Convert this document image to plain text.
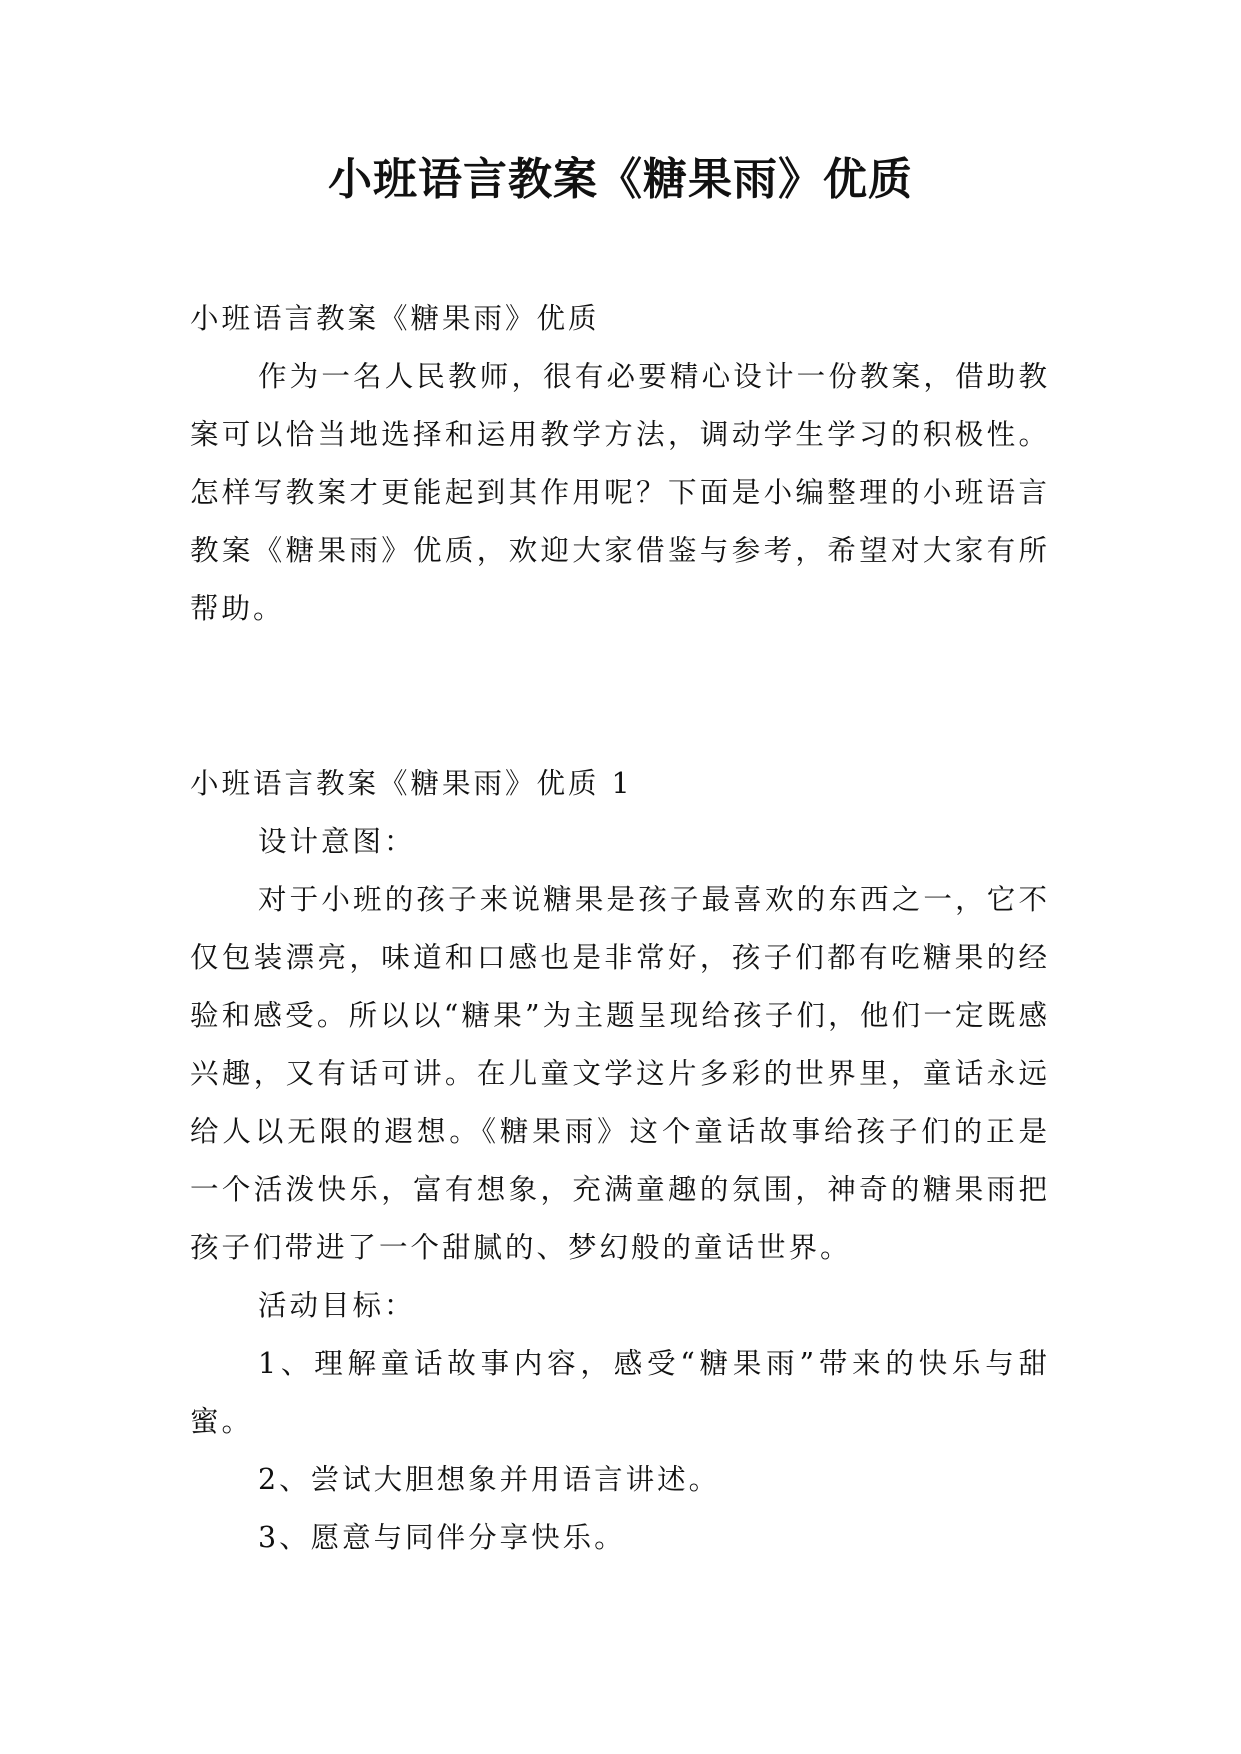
小班语言教案《糖果雨》优质

小班语言教案《糖果雨》优质

作为一名人民教师，很有必要精心设计一份教案，借助教案可以恰当地选择和运用教学方法，调动学生学习的积极性。怎样写教案才更能起到其作用呢？下面是小编整理的小班语言教案《糖果雨》优质，欢迎大家借鉴与参考，希望对大家有所帮助。

小班语言教案《糖果雨》优质 1

设计意图：

对于小班的孩子来说糖果是孩子最喜欢的东西之一，它不仅包装漂亮，味道和口感也是非常好，孩子们都有吃糖果的经验和感受。所以以“糖果”为主题呈现给孩子们，他们一定既感兴趣，又有话可讲。在儿童文学这片多彩的世界里，童话永远给人以无限的遐想。《糖果雨》这个童话故事给孩子们的正是一个活泼快乐，富有想象，充满童趣的氛围，神奇的糖果雨把孩子们带进了一个甜腻的、梦幻般的童话世界。

活动目标：

1、理解童话故事内容，感受“糖果雨”带来的快乐与甜蜜。

2、尝试大胆想象并用语言讲述。

3、愿意与同伴分享快乐。
